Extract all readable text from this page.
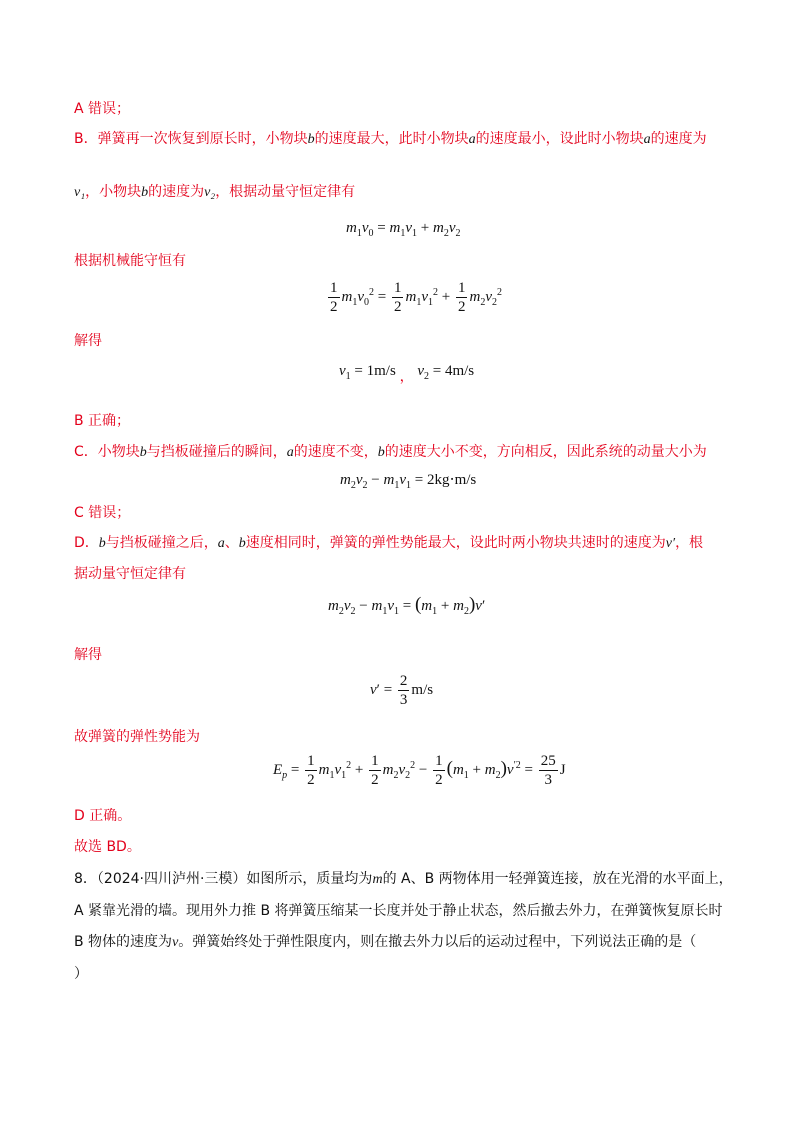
A 错误；
B．弹簧再一次恢复到原长时，小物块b的速度最大，此时小物块a的速度最小，设此时小物块a的速度为
v₁，小物块b的速度为v₂，根据动量守恒定律有
$m_1v_0 = m_1v_1 + m_2v_2$
根据机械能守恒有
$\frac{1}{2} m_1v_0^2 = \frac{1}{2} m_1v_1^2 + \frac{1}{2} m_2v_2^2$
解得
$v_1 = 1m/s$ ， $v_2 = 4m/s$
B 正确；
C．小物块b与挡板碰撞后的瞬间，a的速度不变，b的速度大小不变，方向相反，因此系统的动量大小为
$m_2v_2 - m_1v_1 = 2kg\cdot m/s$
C 错误；
D．b与挡板碰撞之后，a、b速度相同时，弹簧的弹性势能最大，设此时两小物块共速时的速度为v′，根
据动量守恒定律有
$m_2v_2 - m_1v_1 = (m_1 + m_2)v'$
解得
$v' = \frac{2}{3} m/s$
故弹簧的弹性势能为
$E_p = \frac{1}{2} m_1v_1^2 + \frac{1}{2} m_2v_2^2 - \frac{1}{2} (m_1 + m_2)v^{'2} = \frac{25}{3}$ J
D 正确。
故选 BD。
8．（2024·四川泸州·三模）如图所示，质量均为m的 A、B 两物体用一轻弹簧连接，放在光滑的水平面上，
A 紧靠光滑的墙。现用外力推 B 将弹簧压缩某一长度并处于静止状态，然后撤去外力，在弹簧恢复原长时
B 物体的速度为v。弹簧始终处于弹性限度内，则在撤去外力以后的运动过程中，下列说法正确的是（
）
